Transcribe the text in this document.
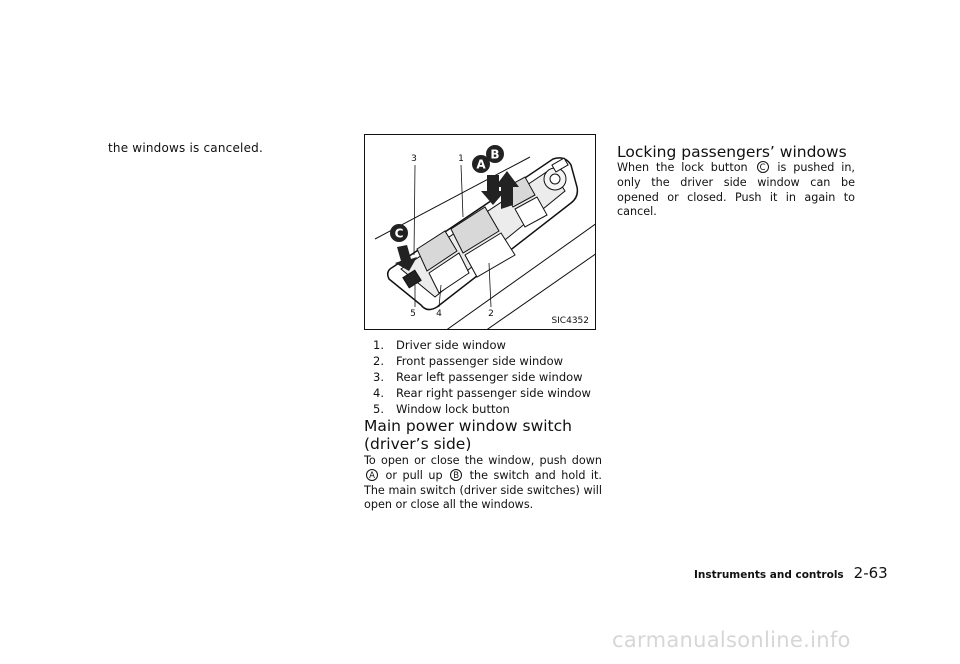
the windows is canceled.
A
B
C
3	1
5 4	2
SIC4352
1. Driver side window
2. Front passenger side window
3. Rear left passenger side window
4. Rear right passenger side window
5. Window lock button
Main power window switch (driver’s side)

To open or close the window, push down A or pull up B the switch and hold it. The main switch (driver side switches) will open or close all the windows.

Locking passengers’ windows

When the lock button C is pushed in, only the driver side window can be opened or closed. Push it in again to cancel.

Instruments and controls 2-63
carmanualsonline.info
